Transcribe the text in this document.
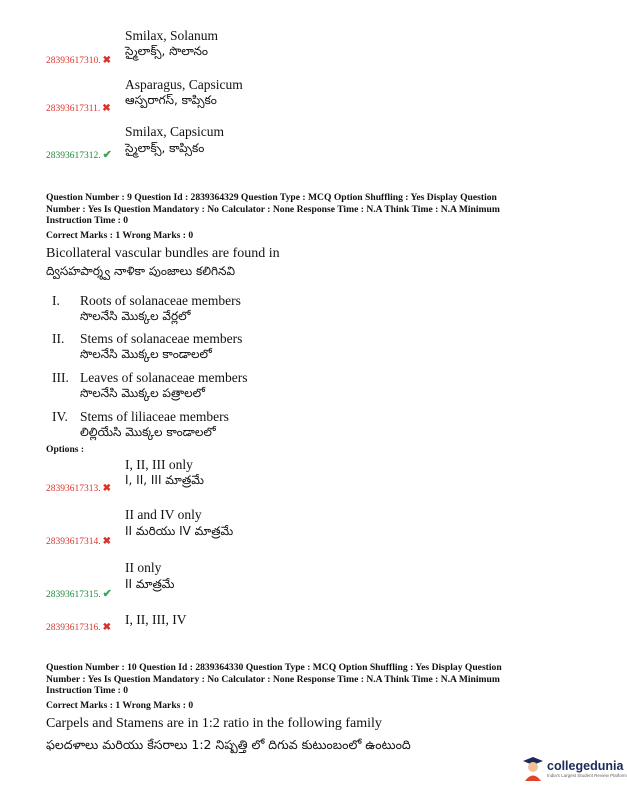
Smilax, Solanum
28393617310. ✖
స్మైలాక్స్, సొలానం
Asparagus, Capsicum
28393617311. ✖
ఆస్పరాగస్, కాప్సికం
Smilax, Capsicum
28393617312. ✔ స్మైలాక్స్, కాప్సికం
Question Number : 9 Question Id : 2839364329 Question Type : MCQ Option Shuffling : Yes Display Question
Number : Yes Is Question Mandatory : No Calculator : None Response Time : N.A Think Time : N.A Minimum
Instruction Time : 0
Correct Marks : 1 Wrong Marks : 0
Bicollateral vascular bundles are found in
ద్విసహపార్శ్వ నాళికా పుంజాలు కలిగినవి
I. Roots of solanaceae members
సొలనేసి మొక్కల వేర్లలో
II. Stems of solanaceae members
సొలనేసి మొక్కల కాండాలలో
III. Leaves of solanaceae members
సొలనేసి మొక్కల పత్రాలలో
IV. Stems of liliaceae members
లిల్లియేసి మొక్కల కాండాలలో
Options :
I, II, III only
28393617313. ✖
I, II, III మాత్రమే
II and IV only
28393617314. ✖
II మరియు IV మాత్రమే
II only
28393617315. ✔
II మాత్రమే
28393617316. ✖
I, II, III, IV
Question Number : 10 Question Id : 2839364330 Question Type : MCQ Option Shuffling : Yes Display Question
Number : Yes Is Question Mandatory : No Calculator : None Response Time : N.A Think Time : N.A Minimum
Instruction Time : 0
Correct Marks : 1 Wrong Marks : 0
Carpels and Stamens are in 1:2 ratio in the following family
ఫలదళాలు మరియు కేసరాలు 1:2 నిష్పత్తి లో దిగువ కుటుంబంలో ఉంటుంది
collegedunia
India's Largest Student Review Platform
